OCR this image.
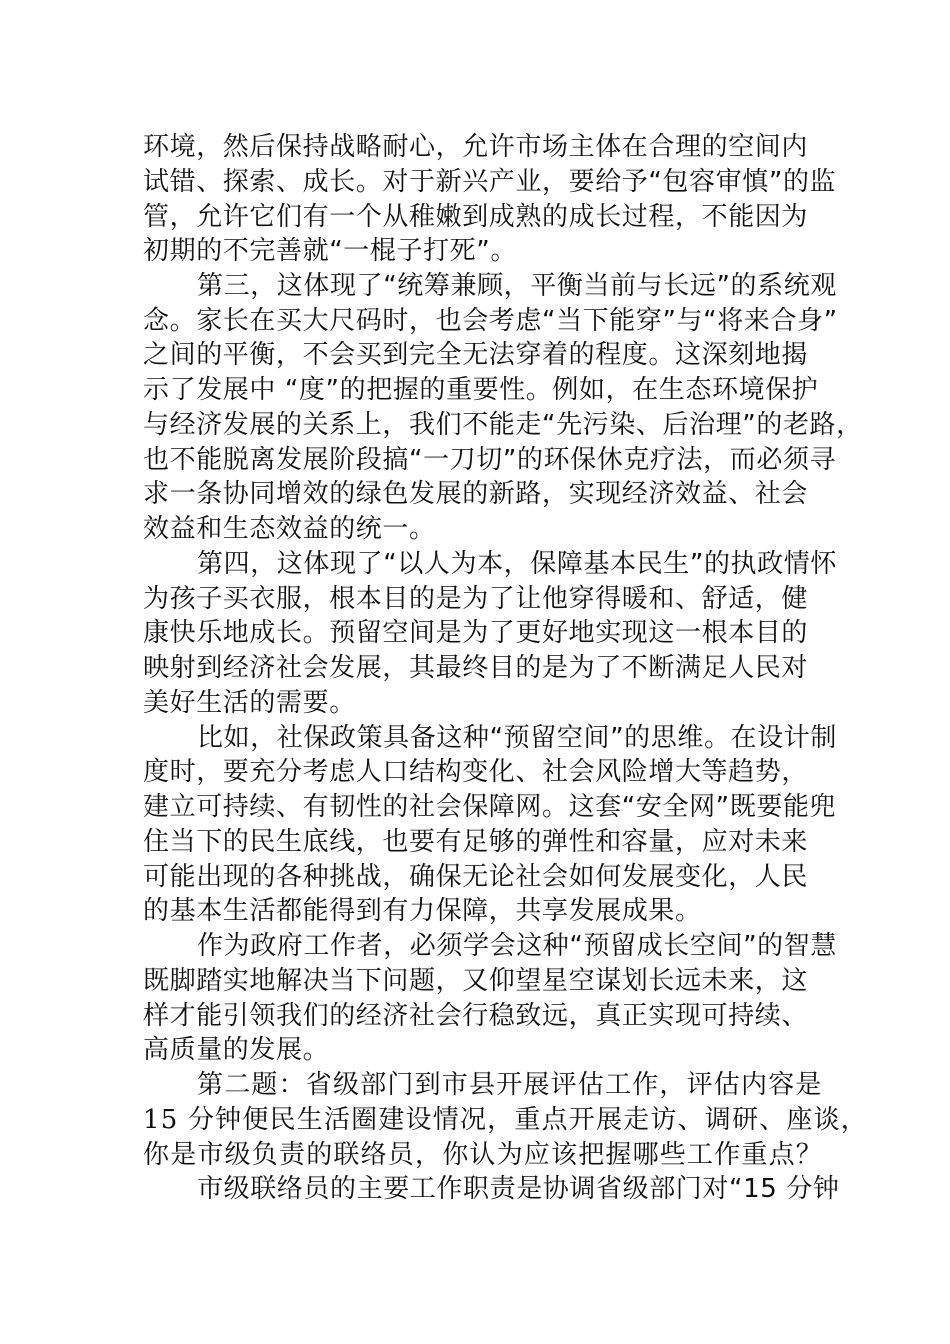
环境，然后保持战略耐心，允许市场主体在合理的空间内
试错、探索、成长。对于新兴产业，要给予“包容审慎”的监
管，允许它们有一个从稚嫩到成熟的成长过程，不能因为
初期的不完善就“一棍子打死”。
第三，这体现了“统筹兼顾，平衡当前与长远”的系统观
念。家长在买大尺码时，也会考虑“当下能穿”与“将来合身”
之间的平衡，不会买到完全无法穿着的程度。这深刻地揭
示了发展中 “度”的把握的重要性。例如，在生态环境保护
与经济发展的关系上，我们不能走“先污染、后治理”的老路，
也不能脱离发展阶段搞“一刀切”的环保休克疗法，而必须寻
求一条协同增效的绿色发展的新路，实现经济效益、社会
效益和生态效益的统一。
第四，这体现了“以人为本，保障基本民生”的执政情怀
为孩子买衣服，根本目的是为了让他穿得暖和、舒适，健
康快乐地成长。预留空间是为了更好地实现这一根本目的
映射到经济社会发展，其最终目的是为了不断满足人民对
美好生活的需要。
比如，社保政策具备这种“预留空间”的思维。在设计制
度时，要充分考虑人口结构变化、社会风险增大等趋势，
建立可持续、有韧性的社会保障网。这套“安全网”既要能兜
住当下的民生底线，也要有足够的弹性和容量，应对未来
可能出现的各种挑战，确保无论社会如何发展变化，人民
的基本生活都能得到有力保障，共享发展成果。
作为政府工作者，必须学会这种“预留成长空间”的智慧
既脚踏实地解决当下问题，又仰望星空谋划长远未来，这
样才能引领我们的经济社会行稳致远，真正实现可持续、
高质量的发展。
第二题：省级部门到市县开展评估工作，评估内容是
15 分钟便民生活圈建设情况，重点开展走访、调研、座谈，
你是市级负责的联络员，你认为应该把握哪些工作重点？
市级联络员的主要工作职责是协调省级部门对“15 分钟
